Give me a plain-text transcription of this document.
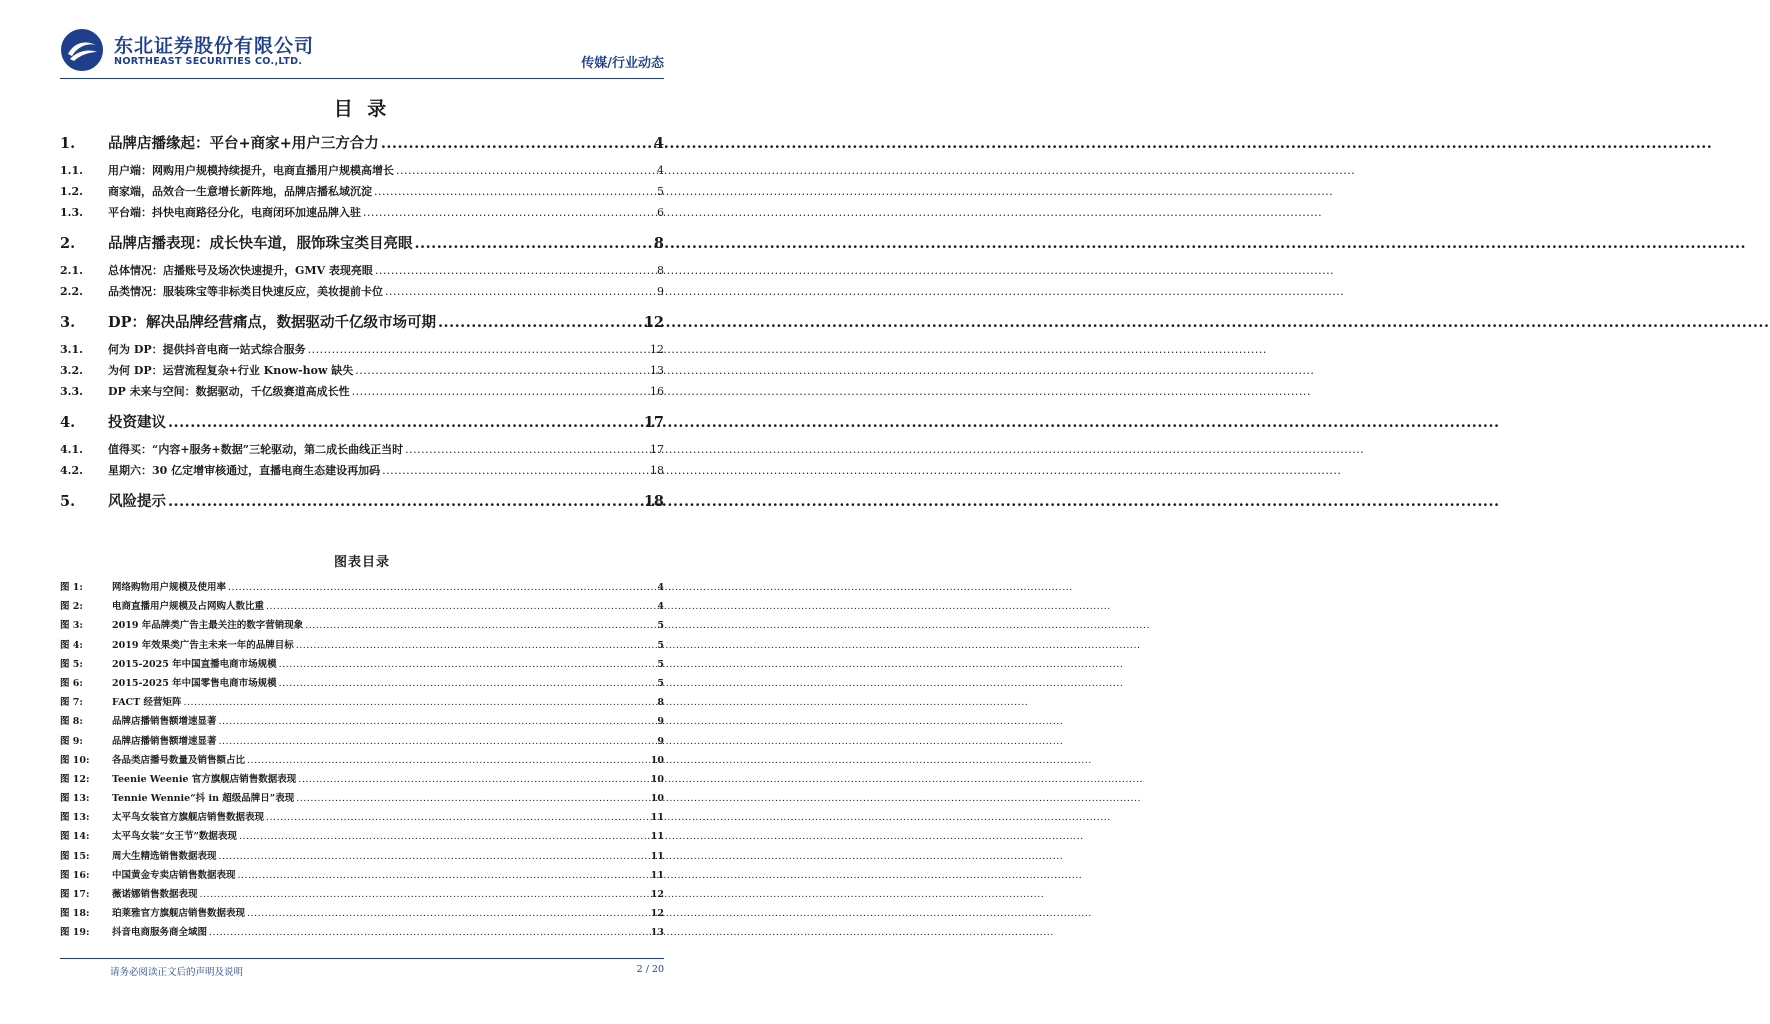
东北证券股份有限公司
NORTHEAST SECURITIES CO.,LTD.	传媒/行业动态
目 录
1.	品牌店播缘起：平台+商家+用户三方合力 .....	4
1.1.	用户端：网购用户规模持续提升，电商直播用户规模高增长 .....	4
1.2.	商家端，品效合一生意增长新阵地，品牌店播私域沉淀 .....	5
1.3.	平台端：抖快电商路径分化，电商闭环加速品牌入驻 .....	6
2.	品牌店播表现：成长快车道，服饰珠宝类目亮眼 .....	8
2.1.	总体情况：店播账号及场次快速提升，GMV 表现亮眼 .....	8
2.2.	品类情况：服装珠宝等非标类目快速反应，美妆提前卡位 .....	9
3.	DP：解决品牌经营痛点，数据驱动千亿级市场可期 .....	12
3.1.	何为 DP：提供抖音电商一站式综合服务 .....	12
3.2.	为何 DP：运营流程复杂+行业 Know-how 缺失 .....	13
3.3.	DP 未来与空间：数据驱动，千亿级赛道高成长性 .....	16
4.	投资建议 .....	17
4.1.	值得买：“内容+服务+数据”三轮驱动，第二成长曲线正当时 .....	17
4.2.	星期六：30 亿定增审核通过，直播电商生态建设再加码 .....	18
5.	风险提示 .....	18
图表目录
图 1:	网络购物用户规模及使用率 .....	4
图 2:	电商直播用户规模及占网购人数比重 .....	4
图 3:	2019 年品牌类广告主最关注的数字营销现象 .....	5
图 4:	2019 年效果类广告主未来一年的品牌目标 .....	5
图 5:	2015-2025 年中国直播电商市场规模 .....	5
图 6:	2015-2025 年中国零售电商市场规模 .....	5
图 7:	FACT 经营矩阵 .....	8
图 8:	品牌店播销售额增速显著 .....	9
图 9:	品牌店播销售额增速显著 .....	9
图 10:	各品类店播号数量及销售额占比 .....	10
图 12:	Teenie Weenie 官方旗舰店销售数据表现 .....	10
图 13:	Tennie Wennie“抖 in 超级品牌日”表现 .....	10
图 13:	太平鸟女装官方旗舰店销售数据表现 .....	11
图 14:	太平鸟女装“女王节”数据表现 .....	11
图 15:	周大生精选销售数据表现 .....	11
图 16:	中国黄金专卖店销售数据表现 .....	11
图 17:	薇诺娜销售数据表现 .....	12
图 18:	珀莱雅官方旗舰店销售数据表现 .....	12
图 19:	抖音电商服务商全域图 .....	13
请务必阅读正文后的声明及说明	2 / 20
